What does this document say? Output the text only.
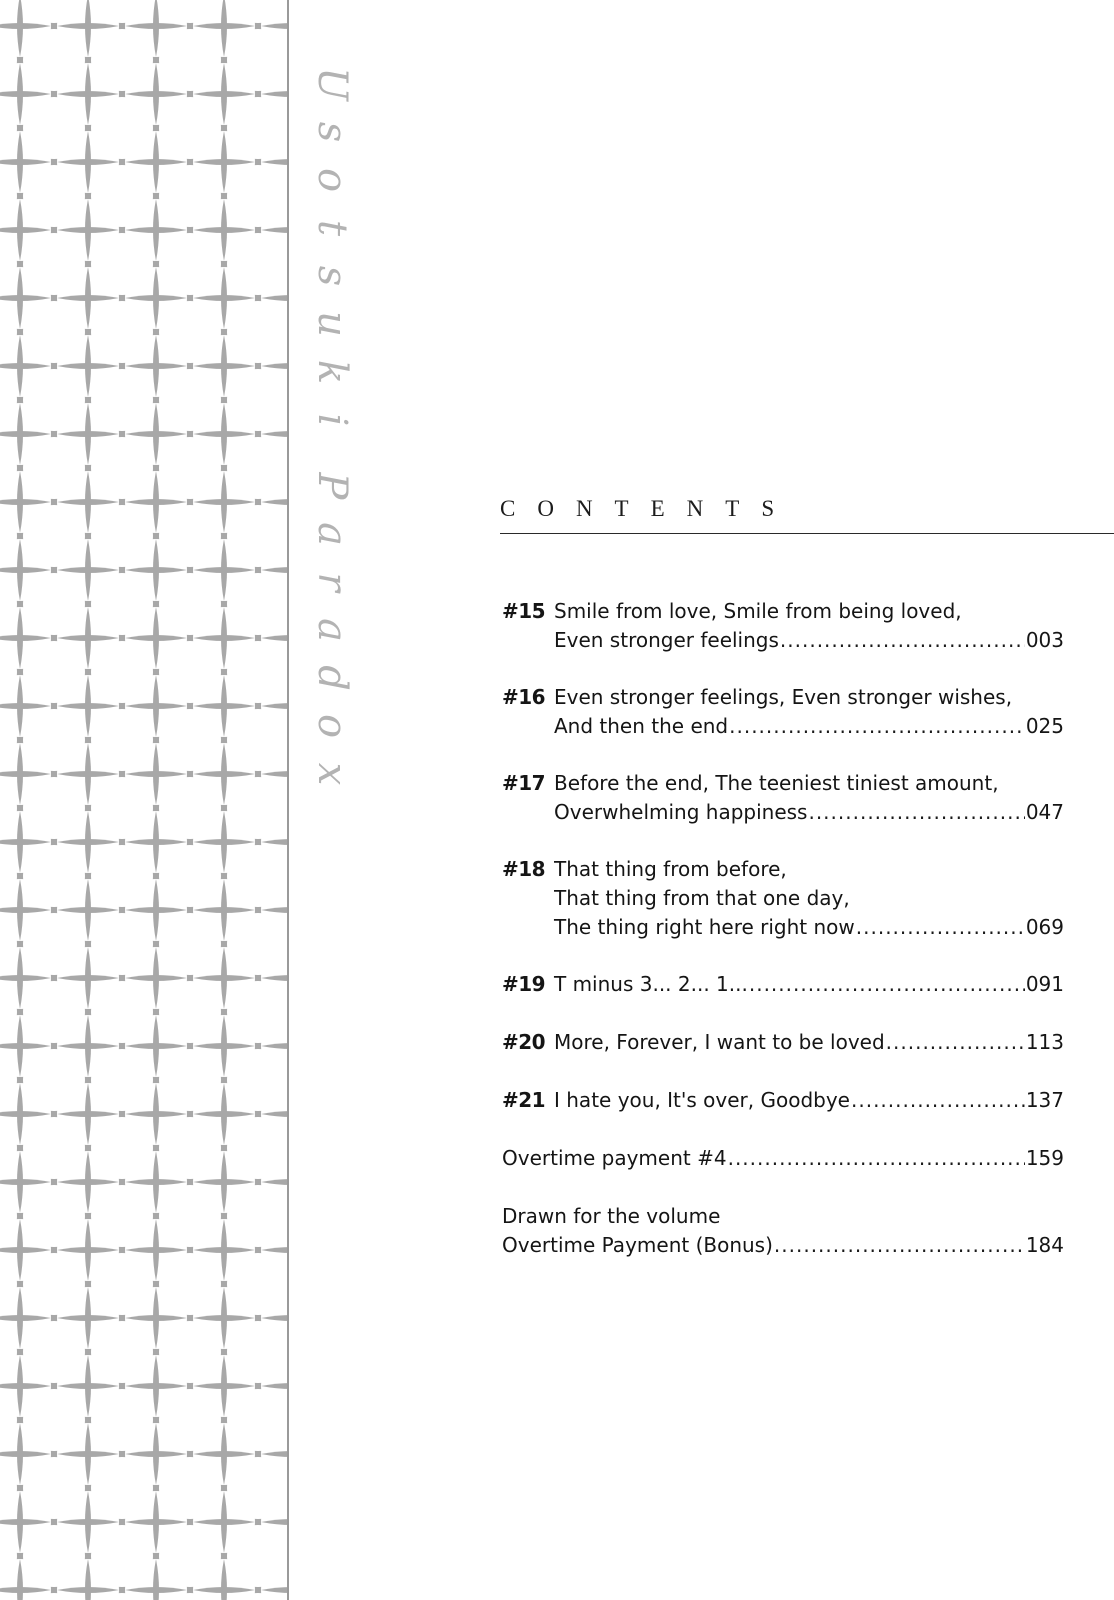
U
s
o
t
s
u
k
i
P
a
r
a
d
o
x
CONTENTS
#15 Smile from love, Smile from being loved,
Even stronger feelings .....	003
#16 Even stronger feelings, Even stronger wishes,
And then the end .....	025
#17 Before the end, The teeniest tiniest amount,
Overwhelming happiness .....	047
#18 That thing from before,
That thing from that one day,
The thing right here right now .....	069
#19 T minus 3... 2... 1... .....	091
#20 More, Forever, I want to be loved .....	113
#21 I hate you, It's over, Goodbye .....	137
Overtime payment #4 .....	159
Drawn for the volume
Overtime Payment (Bonus) .....	184
